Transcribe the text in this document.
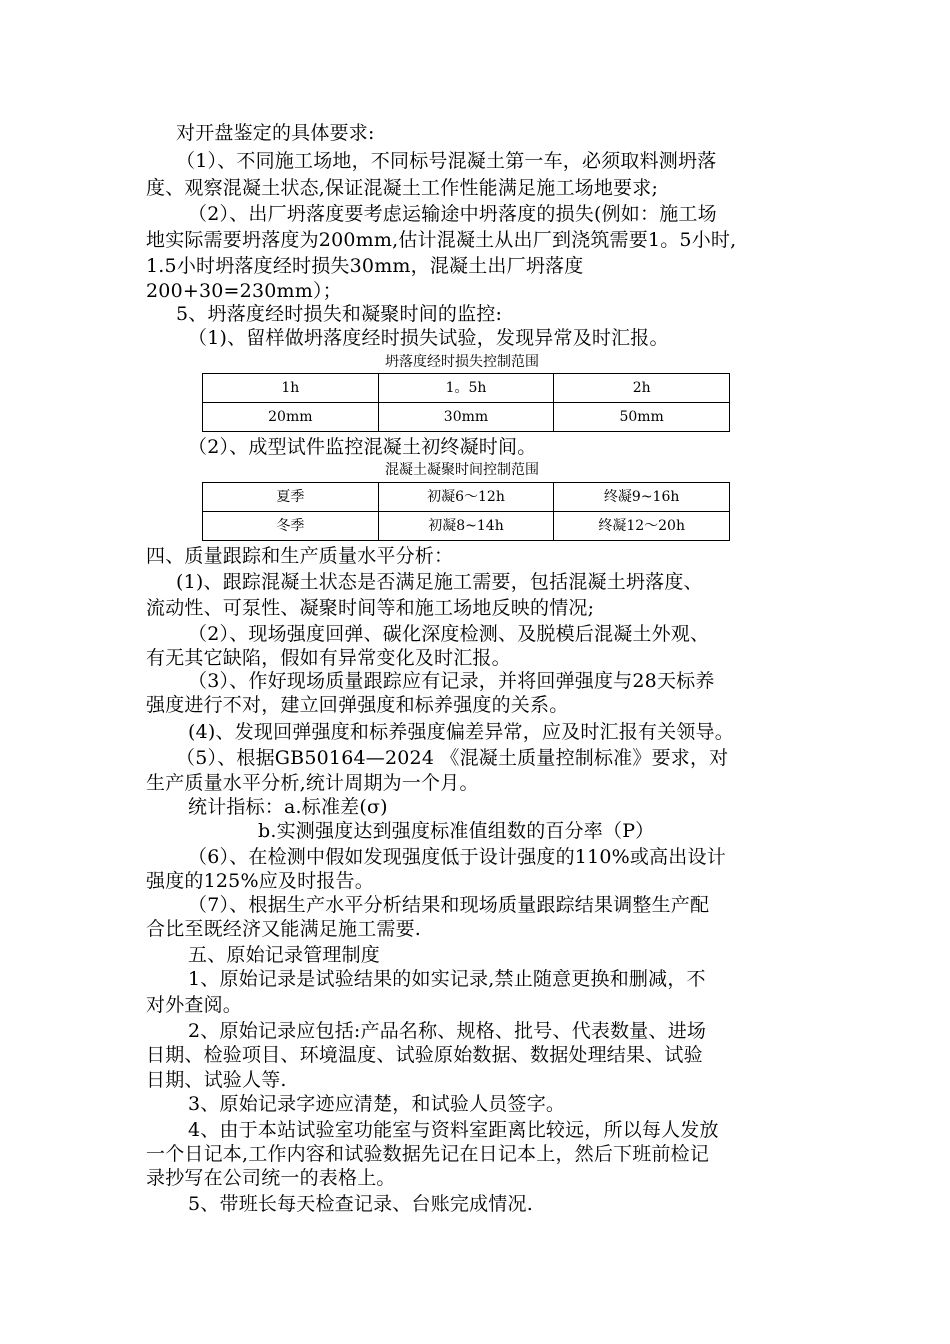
对开盘鉴定的具体要求:
（1）、不同施工场地，不同标号混凝土第一车，必须取料测坍落
度、观察混凝土状态,保证混凝土工作性能满足施工场地要求;
（2）、出厂坍落度要考虑运输途中坍落度的损失(例如：施工场
地实际需要坍落度为200mm,估计混凝土从出厂到浇筑需要1。5小时,
1.5小时坍落度经时损失30mm，混凝土出厂坍落度
200+30=230mm）；
5、坍落度经时损失和凝聚时间的监控:
（1)、留样做坍落度经时损失试验，发现异常及时汇报。
坍落度经时损失控制范围
1h	1。5h	2h
20mm	30mm	50mm
（2）、成型试件监控混凝土初终凝时间。
混凝土凝聚时间控制范围
夏季	初凝6～12h	终凝9~16h
冬季	初凝8~14h	终凝12～20h
四、质量跟踪和生产质量水平分析：
(1)、跟踪混凝土状态是否满足施工需要，包括混凝土坍落度、
流动性、可泵性、凝聚时间等和施工场地反映的情况;
（2）、现场强度回弹、碳化深度检测、及脱模后混凝土外观、
有无其它缺陷，假如有异常变化及时汇报。
（3）、作好现场质量跟踪应有记录，并将回弹强度与28天标养
强度进行不对，建立回弹强度和标养强度的关系。
(4)、发现回弹强度和标养强度偏差异常，应及时汇报有关领导。
（5）、根据GB50164—2024 《混凝土质量控制标准》要求，对
生产质量水平分析,统计周期为一个月。
统计指标：a.标准差(σ)
b.实测强度达到强度标准值组数的百分率（P）
（6）、在检测中假如发现强度低于设计强度的110%或高出设计
强度的125%应及时报告。
（7）、根据生产水平分析结果和现场质量跟踪结果调整生产配
合比至既经济又能满足施工需要.
五、原始记录管理制度
1、原始记录是试验结果的如实记录,禁止随意更换和删减，不
对外查阅。
2、原始记录应包括:产品名称、规格、批号、代表数量、进场
日期、检验项目、环境温度、试验原始数据、数据处理结果、试验
日期、试验人等.
3、原始记录字迹应清楚，和试验人员签字。
4、由于本站试验室功能室与资料室距离比较远，所以每人发放
一个日记本,工作内容和试验数据先记在日记本上，然后下班前检记
录抄写在公司统一的表格上。
5、带班长每天检查记录、台账完成情况.
